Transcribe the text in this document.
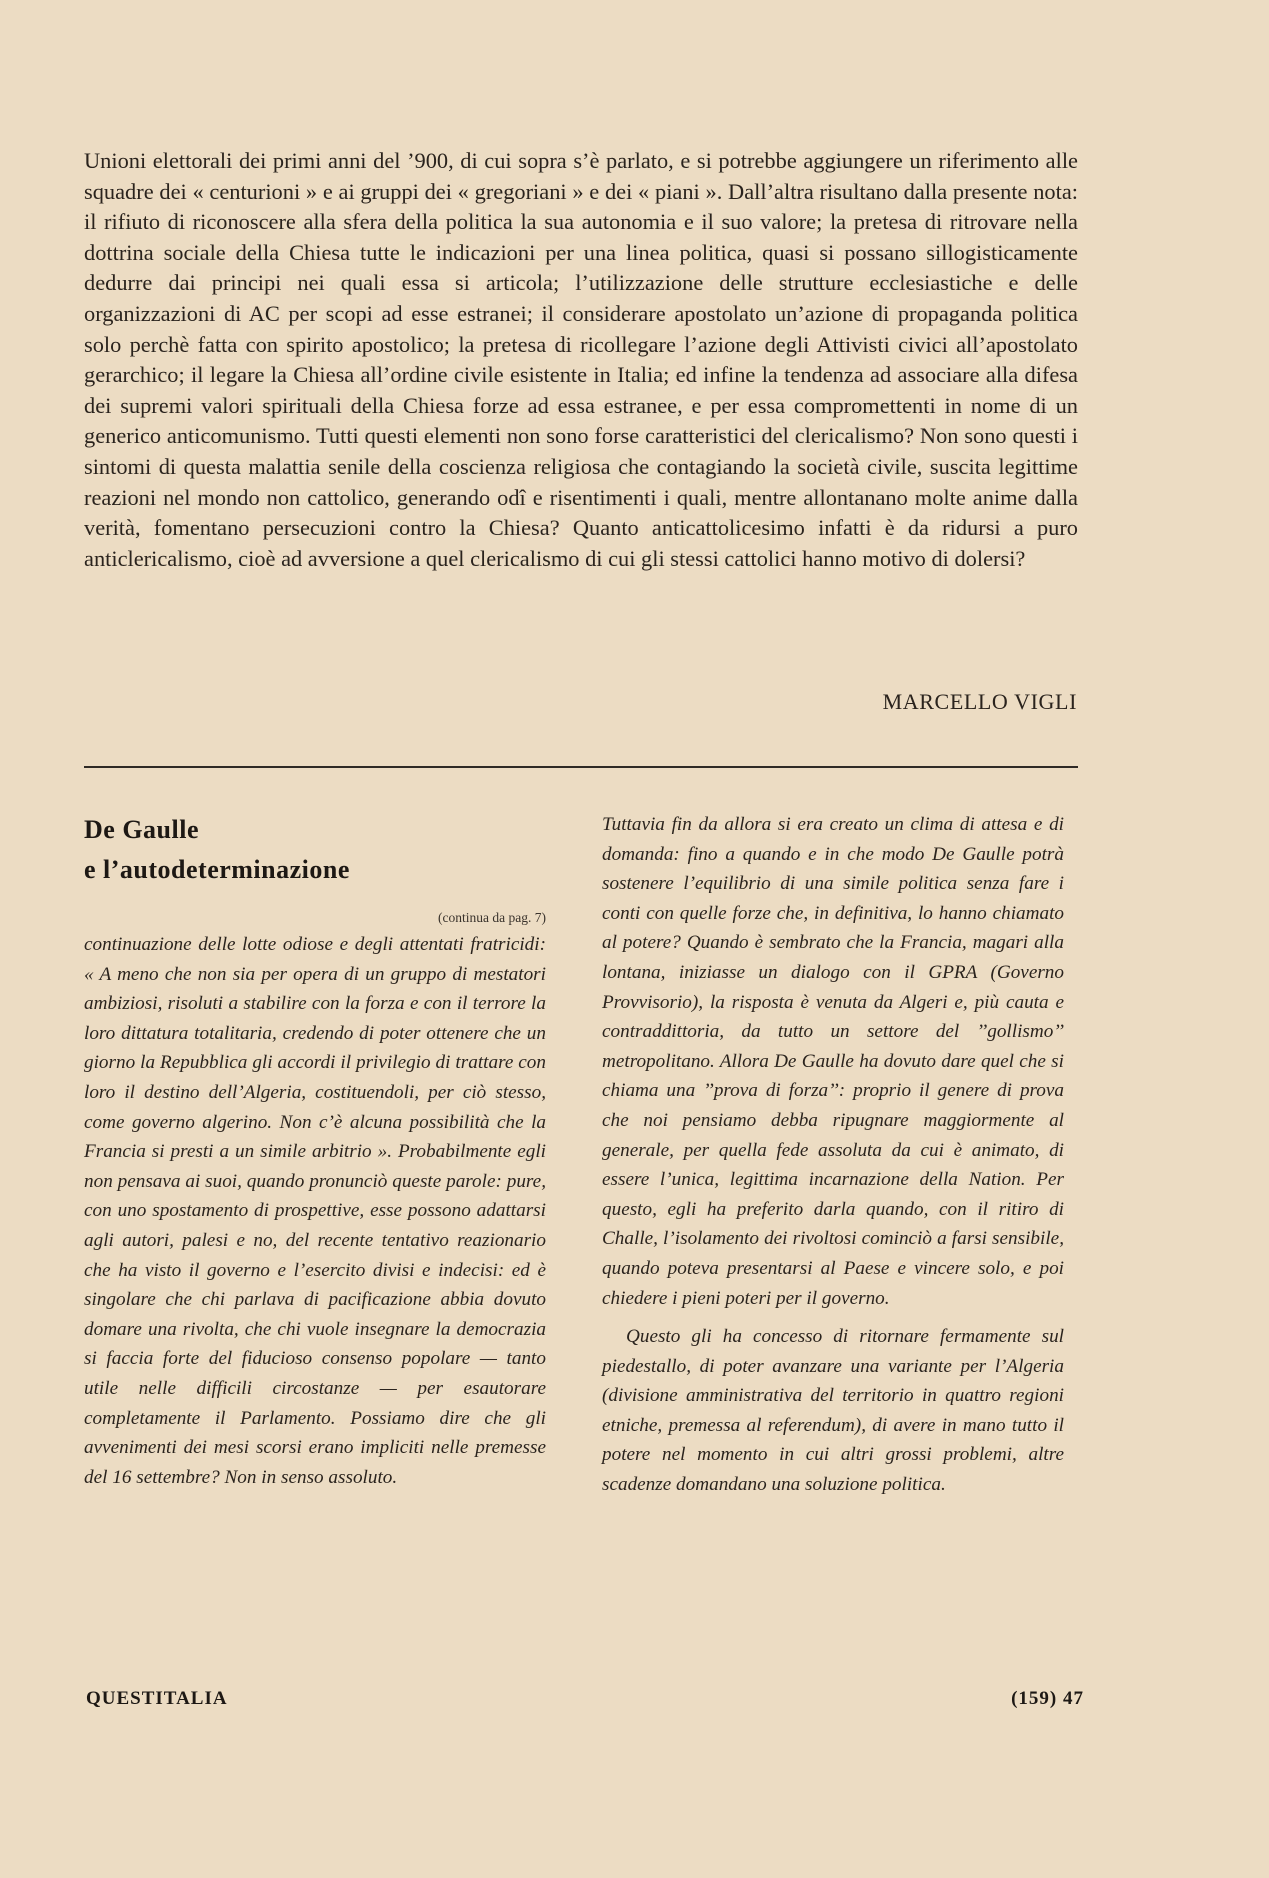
Unioni elettorali dei primi anni del ’900, di cui sopra s’è parlato, e si potrebbe aggiungere un riferimento alle squadre dei « centurioni » e ai gruppi dei « gregoriani » e dei « piani ». Dall’altra risultano dalla presente nota: il rifiuto di riconoscere alla sfera della politica la sua autonomia e il suo valore; la pretesa di ritrovare nella dottrina sociale della Chiesa tutte le indicazioni per una linea politica, quasi si possano sillogisticamente dedurre dai principi nei quali essa si articola; l’utilizzazione delle strutture ecclesiastiche e delle organizzazioni di AC per scopi ad esse estranei; il considerare apostolato un’azione di propaganda politica solo perchè fatta con spirito apostolico; la pretesa di ricollegare l’azione degli Attivisti civici all’apostolato gerarchico; il legare la Chiesa all’ordine civile esistente in Italia; ed infine la tendenza ad associare alla difesa dei supremi valori spirituali della Chiesa forze ad essa estranee, e per essa compromettenti in nome di un generico anticomunismo. Tutti questi elementi non sono forse caratteristici del clericalismo? Non sono questi i sintomi di questa malattia senile della coscienza religiosa che contagiando la società civile, suscita legittime reazioni nel mondo non cattolico, generando odî e risentimenti i quali, mentre allontanano molte anime dalla verità, fomentano persecuzioni contro la Chiesa? Quanto anticattolicesimo infatti è da ridursi a puro anticlericalismo, cioè ad avversione a quel clericalismo di cui gli stessi cattolici hanno motivo di dolersi?

MARCELLO VIGLI
De Gaulle
e l’autodeterminazione
(continua da pag. 7)

continuazione delle lotte odiose e degli attentati fratricidi: « A meno che non sia per opera di un gruppo di mestatori ambiziosi, risoluti a stabilire con la forza e con il terrore la loro dittatura totalitaria, credendo di poter ottenere che un giorno la Repubblica gli accordi il privilegio di trattare con loro il destino dell’Algeria, costituendoli, per ciò stesso, come governo algerino. Non c’è alcuna possibilità che la Francia si presti a un simile arbitrio ». Probabilmente egli non pensava ai suoi, quando pronunciò queste parole: pure, con uno spostamento di prospettive, esse possono adattarsi agli autori, palesi e no, del recente tentativo reazionario che ha visto il governo e l’esercito divisi e indecisi: ed è singolare che chi parlava di pacificazione abbia dovuto domare una rivolta, che chi vuole insegnare la democrazia si faccia forte del fiducioso consenso popolare — tanto utile nelle difficili circostanze — per esautorare completamente il Parlamento. Possiamo dire che gli avvenimenti dei mesi scorsi erano impliciti nelle premesse del 16 settembre? Non in senso assoluto.

Tuttavia fin da allora si era creato un clima di attesa e di domanda: fino a quando e in che modo De Gaulle potrà sostenere l’equilibrio di una simile politica senza fare i conti con quelle forze che, in definitiva, lo hanno chiamato al potere? Quando è sembrato che la Francia, magari alla lontana, iniziasse un dialogo con il GPRA (Governo Provvisorio), la risposta è venuta da Algeri e, più cauta e contraddittoria, da tutto un settore del ’’gollismo’’ metropolitano. Allora De Gaulle ha dovuto dare quel che si chiama una ’’prova di forza’’: proprio il genere di prova che noi pensiamo debba ripugnare maggiormente al generale, per quella fede assoluta da cui è animato, di essere l’unica, legittima incarnazione della Nation. Per questo, egli ha preferito darla quando, con il ritiro di Challe, l’isolamento dei rivoltosi cominciò a farsi sensibile, quando poteva presentarsi al Paese e vincere solo, e poi chiedere i pieni poteri per il governo.

Questo gli ha concesso di ritornare fermamente sul piedestallo, di poter avanzare una variante per l’Algeria (divisione amministrativa del territorio in quattro regioni etniche, premessa al referendum), di avere in mano tutto il potere nel momento in cui altri grossi problemi, altre scadenze domandano una soluzione politica.

QUESTITALIA	(159) 47
